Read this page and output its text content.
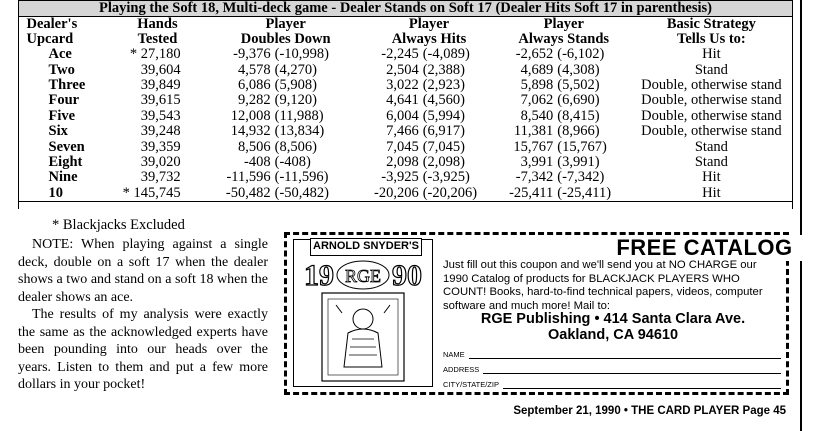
Playing the Soft 18, Multi-deck game - Dealer Stands on Soft 17 (Dealer Hits Soft 17 in parenthesis)					
Dealer's	Hands	Player	Player	Player	Basic Strategy
Upcard	Tested	Doubles Down	Always Hits	Always Stands	Tells Us to:
Ace	* 27,180	-9,376 (-10,998)	-2,245 (-4,089)	-2,652 (-6,102)	Hit
Two	39,604	4,578 (4,270)	2,504 (2,388)	4,689 (4,308)	Stand
Three	39,849	6,086 (5,908)	3,022 (2,923)	5,898 (5,502)	Double, otherwise stand
Four	39,615	9,282 (9,120)	4,641 (4,560)	7,062 (6,690)	Double, otherwise stand
Five	39,543	12,008 (11,988)	6,004 (5,994)	8,540 (8,415)	Double, otherwise stand
Six	39,248	14,932 (13,834)	7,466 (6,917)	11,381 (8,966)	Double, otherwise stand
Seven	39,359	8,506 (8,506)	7,045 (7,045)	15,767 (15,767)	Stand
Eight	39,020	-408 (-408)	2,098 (2,098)	3,991 (3,991)	Stand
Nine	39,732	-11,596 (-11,596)	-3,925 (-3,925)	-7,342 (-7,342)	Hit
10	* 145,745	-50,482 (-50,482)	-20,206 (-20,206)	-25,411 (-25,411)	Hit
* Blackjacks Excluded

NOTE: When playing against a single deck, double on a soft 17 when the dealer shows a two and stand on a soft 18 when the dealer shows an ace.

The results of my analysis were exactly the same as the acknowledged experts have been pounding into our heads over the years. Listen to them and put a few more dollars in your pocket!

19 90
RGE
ARNOLD SNYDER'S	FREE CATALOG
Just fill out this coupon and we'll send you at NO CHARGE our 1990 Catalog of products for BLACKJACK PLAYERS WHO COUNT! Books, hard-to-find technical papers, videos, computer software and much more! Mail to:
RGE Publishing • 414 Santa Clara Ave.
Oakland, CA 94610
NAME
ADDRESS
CITY/STATE/ZIP
September 21, 1990 • THE CARD PLAYER Page 45
